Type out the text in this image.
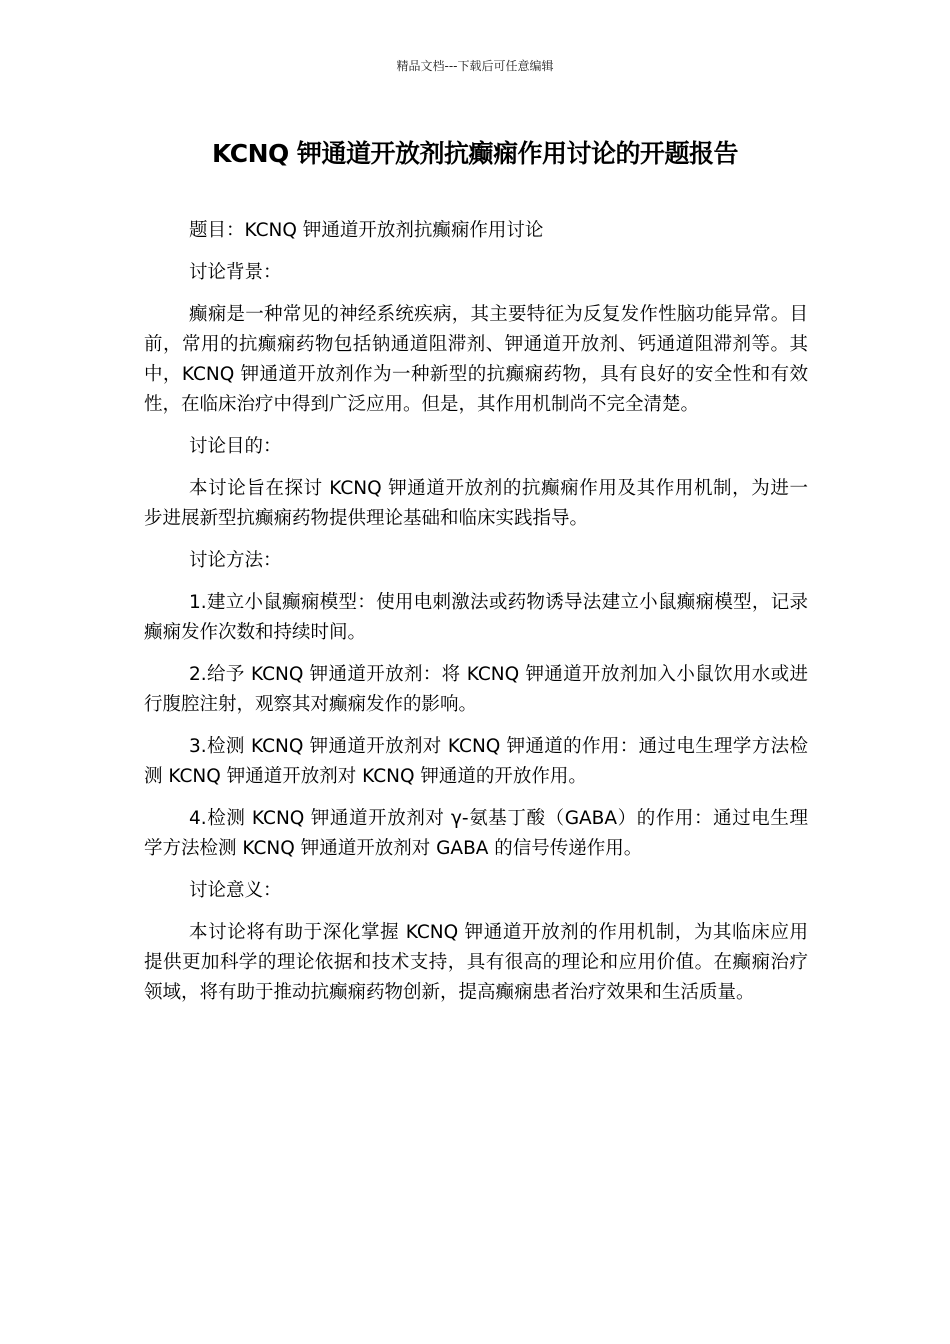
精品文档---下载后可任意编辑
KCNQ 钾通道开放剂抗癫痫作用讨论的开题报告

题目：KCNQ 钾通道开放剂抗癫痫作用讨论

讨论背景：

癫痫是一种常见的神经系统疾病，其主要特征为反复发作性脑功能异常。目前，常用的抗癫痫药物包括钠通道阻滞剂、钾通道开放剂、钙通道阻滞剂等。其中，KCNQ 钾通道开放剂作为一种新型的抗癫痫药物，具有良好的安全性和有效性，在临床治疗中得到广泛应用。但是，其作用机制尚不完全清楚。

讨论目的：

本讨论旨在探讨 KCNQ 钾通道开放剂的抗癫痫作用及其作用机制，为进一步进展新型抗癫痫药物提供理论基础和临床实践指导。

讨论方法：

1.建立小鼠癫痫模型：使用电刺激法或药物诱导法建立小鼠癫痫模型，记录癫痫发作次数和持续时间。

2.给予 KCNQ 钾通道开放剂：将 KCNQ 钾通道开放剂加入小鼠饮用水或进行腹腔注射，观察其对癫痫发作的影响。

3.检测 KCNQ 钾通道开放剂对 KCNQ 钾通道的作用：通过电生理学方法检测 KCNQ 钾通道开放剂对 KCNQ 钾通道的开放作用。

4.检测 KCNQ 钾通道开放剂对 γ-氨基丁酸（GABA）的作用：通过电生理学方法检测 KCNQ 钾通道开放剂对 GABA 的信号传递作用。

讨论意义：

本讨论将有助于深化掌握 KCNQ 钾通道开放剂的作用机制，为其临床应用提供更加科学的理论依据和技术支持，具有很高的理论和应用价值。在癫痫治疗领域，将有助于推动抗癫痫药物创新，提高癫痫患者治疗效果和生活质量。
